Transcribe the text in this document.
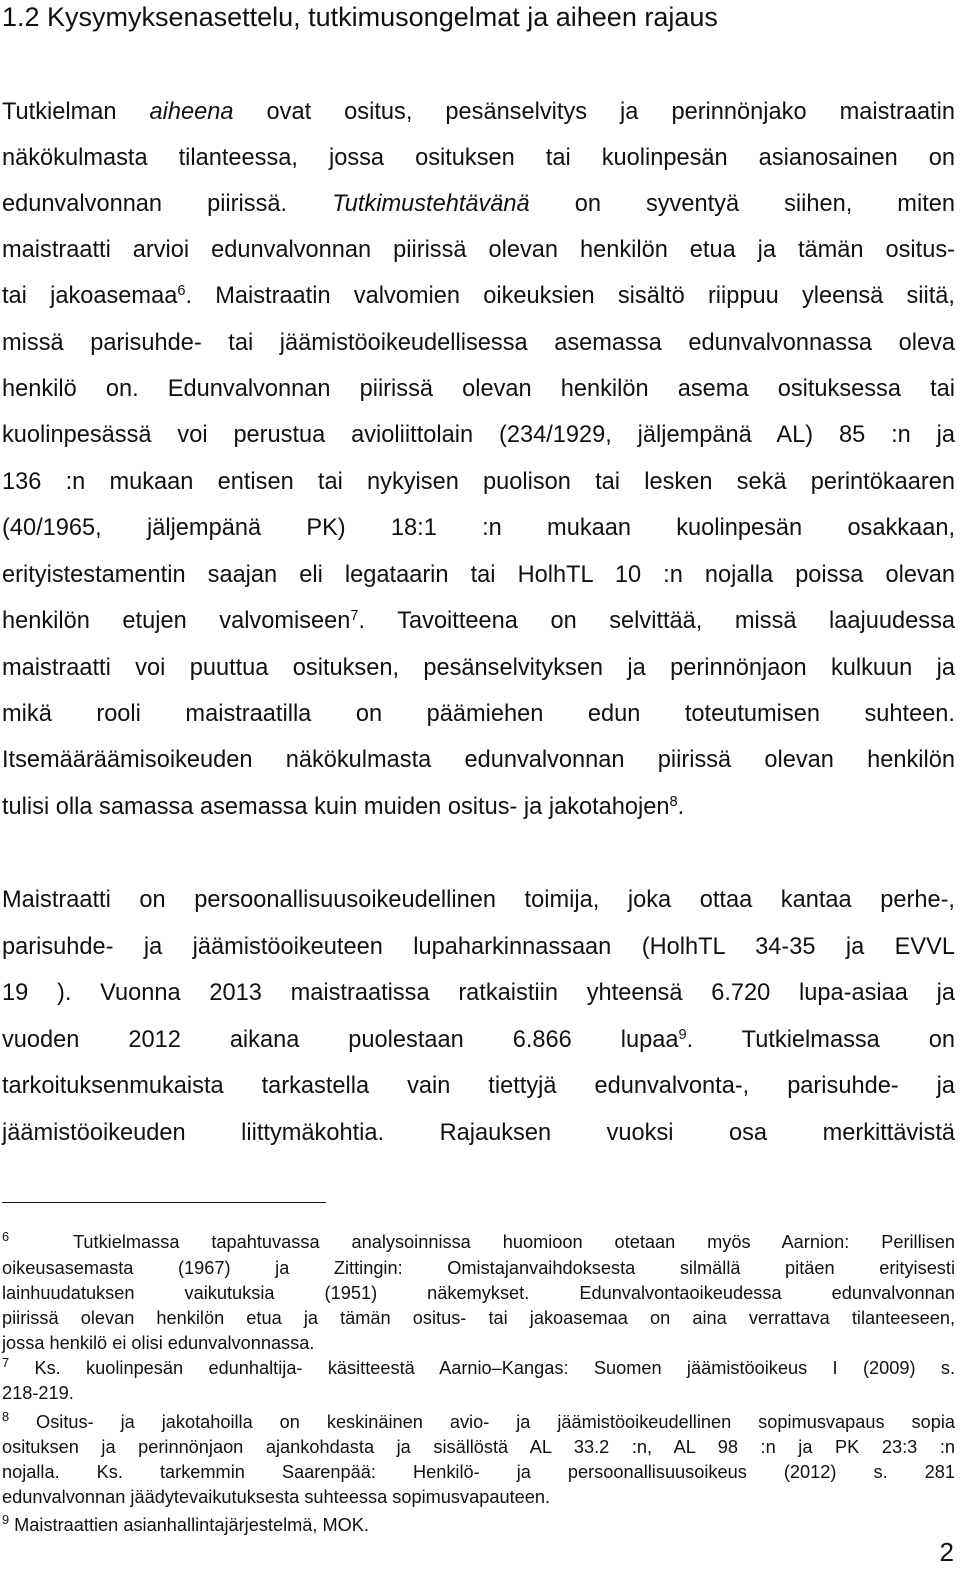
1.2 Kysymyksenasettelu, tutkimusongelmat ja aiheen rajaus
Tutkielman aiheena ovat ositus, pesänselvitys ja perinnönjako maistraatin
näkökulmasta tilanteessa, jossa osituksen tai kuolinpesän asianosainen on
edunvalvonnan piirissä. Tutkimustehtävänä on syventyä siihen, miten
maistraatti arvioi edunvalvonnan piirissä olevan henkilön etua ja tämän ositus-
tai jakoasemaa$^6$. Maistraatin valvomien oikeuksien sisältö riippuu yleensä siitä,
missä parisuhde- tai jäämistöoikeudellisessa asemassa edunvalvonnassa oleva
henkilö on. Edunvalvonnan piirissä olevan henkilön asema osituksessa tai
kuolinpesässä voi perustua avioliittolain (234/1929, jäljempänä AL) 85 :n ja
136 :n mukaan entisen tai nykyisen puolison tai lesken sekä perintökaaren
(40/1965, jäljempänä PK) 18:1 :n mukaan kuolinpesän osakkaan,
erityistestamentin saajan eli legataarin tai HolhTL 10 :n nojalla poissa olevan
henkilön etujen valvomiseen$^7$. Tavoitteena on selvittää, missä laajuudessa
maistraatti voi puuttua osituksen, pesänselvityksen ja perinnönjaon kulkuun ja
mikä rooli maistraatilla on päämiehen edun toteutumisen suhteen.
Itsemääräämisoikeuden näkökulmasta edunvalvonnan piirissä olevan henkilön
tulisi olla samassa asemassa kuin muiden ositus- ja jakotahojen$^8$.
Maistraatti on persoonallisuusoikeudellinen toimija, joka ottaa kantaa perhe-,
parisuhde- ja jäämistöoikeuteen lupaharkinnassaan (HolhTL 34-35 ja EVVL
19 ). Vuonna 2013 maistraatissa ratkaistiin yhteensä 6.720 lupa-asiaa ja
vuoden 2012 aikana puolestaan 6.866 lupaa$^9$. Tutkielmassa on
tarkoituksenmukaista tarkastella vain tiettyjä edunvalvonta-, parisuhde- ja
jäämistöoikeuden liittymäkohtia. Rajauksen vuoksi osa merkittävistä
$^6$	Tutkielmassa tapahtuvassa analysoinnissa huomioon otetaan myös Aarnion: Perillisen
oikeusasemasta (1967) ja Zittingin: Omistajanvaihdoksesta silmällä pitäen erityisesti
lainhuudatuksen vaikutuksia (1951) näkemykset. Edunvalvontaoikeudessa edunvalvonnan
piirissä olevan henkilön etua ja tämän ositus- tai jakoasemaa on aina verrattava tilanteeseen,
jossa henkilö ei olisi edunvalvonnassa.
$^7$ Ks. kuolinpesän edunhaltija- käsitteestä Aarnio–Kangas: Suomen jäämistöoikeus I (2009) s.
218-219.
$^8$ Ositus- ja jakotahoilla on keskinäinen avio- ja jäämistöoikeudellinen sopimusvapaus sopia
osituksen ja perinnönjaon ajankohdasta ja sisällöstä AL 33.2 :n, AL 98 :n ja PK 23:3 :n
nojalla. Ks. tarkemmin Saarenpää: Henkilö- ja persoonallisuusoikeus (2012) s. 281
edunvalvonnan jäädytevaikutuksesta suhteessa sopimusvapauteen.
$^9$ Maistraattien asianhallintajärjestelmä, MOK.
2
